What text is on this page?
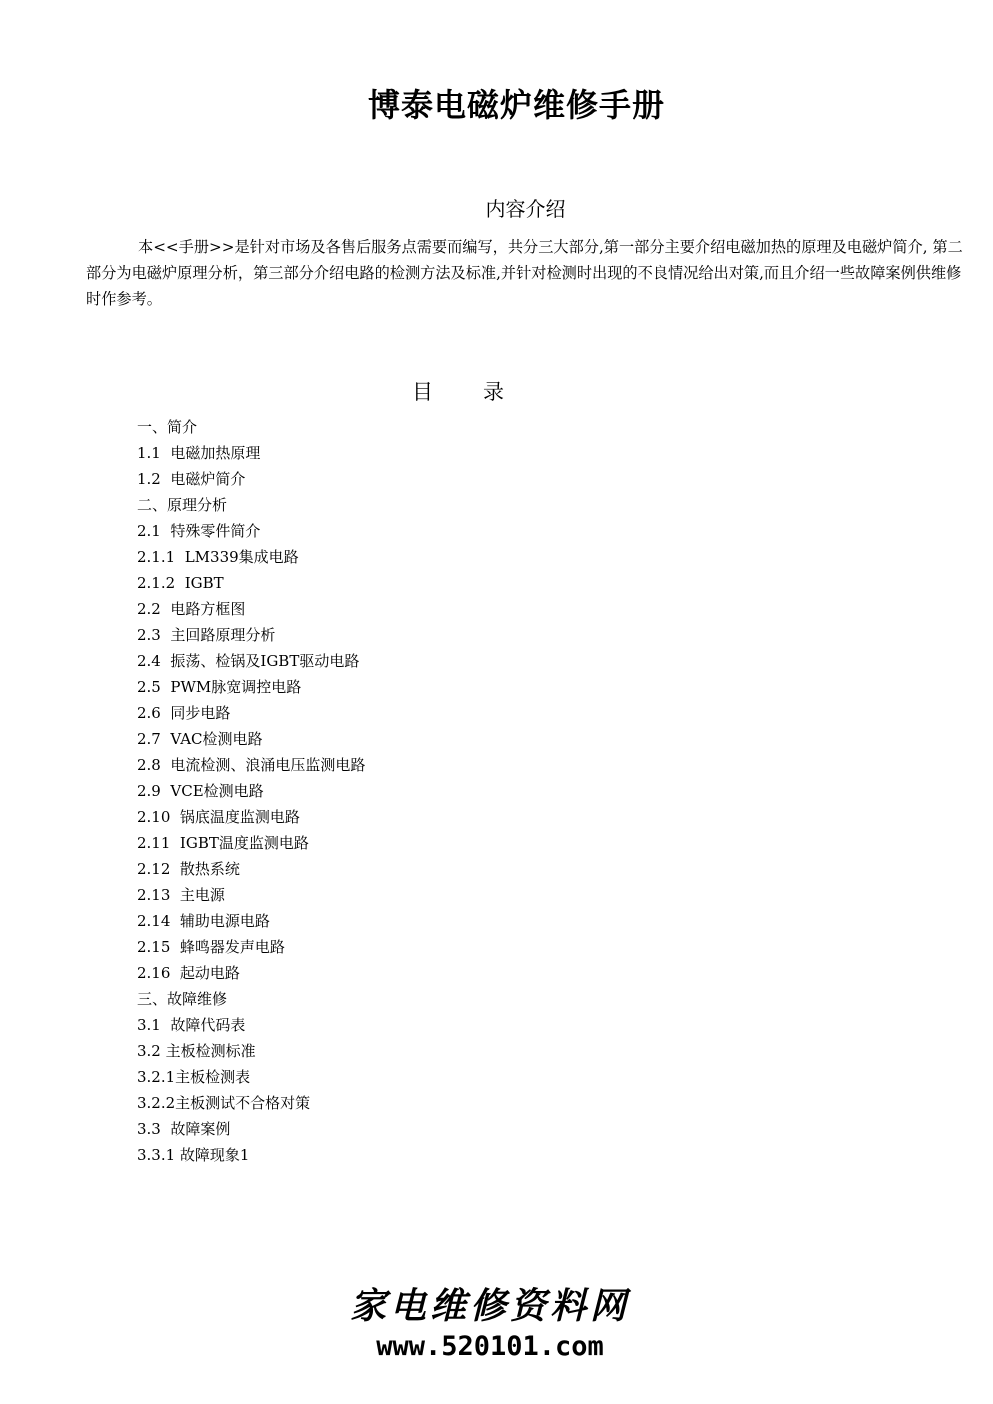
博泰电磁炉维修手册
内容介绍

本<<手册>>是针对市场及各售后服务点需要而编写，共分三大部分,第一部分主要介绍电磁加热的原理及电磁炉简介, 第二部分为电磁炉原理分析，第三部分介绍电路的检测方法及标准,并针对检测时出现的不良情况给出对策,而且介绍一些故障案例供维修时作参考。

目 录
一、简介
1.1  电磁加热原理
1.2  电磁炉简介
二、原理分析
2.1  特殊零件简介
2.1.1  LM339集成电路
2.1.2  IGBT
2.2  电路方框图
2.3  主回路原理分析
2.4  振荡、检锅及IGBT驱动电路
2.5  PWM脉宽调控电路
2.6  同步电路
2.7  VAC检测电路
2.8  电流检测、浪涌电压监测电路
2.9  VCE检测电路
2.10  锅底温度监测电路
2.11  IGBT温度监测电路
2.12  散热系统
2.13  主电源
2.14  辅助电源电路
2.15  蜂鸣器发声电路
2.16  起动电路
三、故障维修
3.1  故障代码表
3.2 主板检测标准
3.2.1主板检测表
3.2.2主板测试不合格对策
3.3  故障案例
3.3.1 故障现象1
家电维修资料网
www.520101.com
